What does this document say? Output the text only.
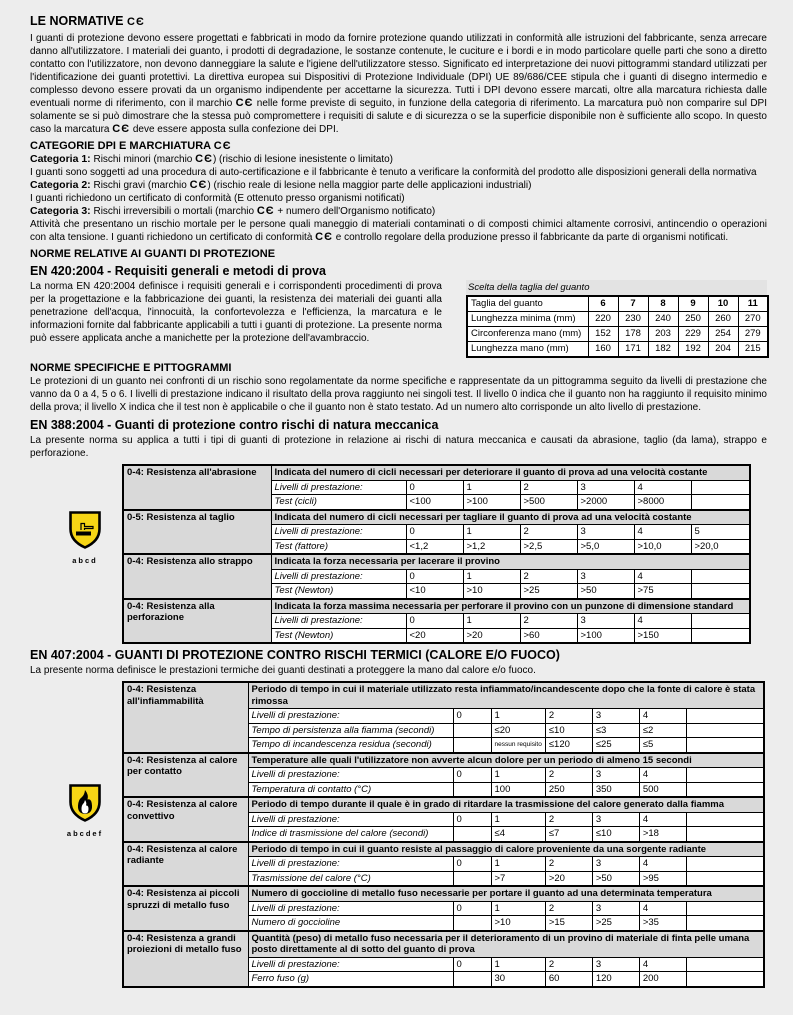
LE NORMATIVE CЄ

I guanti di protezione devono essere progettati e fabbricati in modo da fornire protezione quando utilizzati in conformità alle istruzioni del fabbricante, senza arrecare danno all'utilizzatore. I materiali dei guanto, i prodotti di degradazione, le sostanze contenute, le cuciture e i bordi e in modo particolare quelle parti che sono a diretto contatto con l'utilizzatore, non devono danneggiare la salute e l'igiene dell'utilizzatore stesso. Significato ed interpretazione dei nuovi pittogrammi standard utilizzati per l'identificazione dei guanti protettivi. La direttiva europea sui Dispositivi di Protezione Individuale (DPI) UE 89/686/CEE stipula che i guanti di disegno intermedio e complesso devono essere provati da un organismo indipendente per accettarne la sicurezza. Tutti i DPI devono essere marcati, oltre alla marcatura richiesta dalle eventuali norme di riferimento, con il marchio CЄ nelle forme previste di seguito, in funzione della categoria di riferimento. La marcatura può non comparire sul DPI solamente se si può dimostrare che la stessa può compromettere i requisiti di salute e di sicurezza o se la superficie disponibile non è sufficiente allo scopo. In questo caso la marcatura CЄ deve essere apposta sulla confezione dei DPI.

CATEGORIE DPI E MARCHIATURA CЄ
Categoria 1: Rischi minori (marchio CЄ) (rischio di lesione inesistente o limitato)

I guanti sono soggetti ad una procedura di auto-certificazione e il fabbricante è tenuto a verificare la conformità del prodotto alle disposizioni generali della normativa

Categoria 2: Rischi gravi (marchio CЄ) (rischio reale di lesione nella maggior parte delle applicazioni industriali)

I guanti richiedono un certificato di conformità (E ottenuto presso organismi notificati)

Categoria 3: Rischi irreversibili o mortali (marchio CЄ + numero dell'Organismo notificato)

Attività che presentano un rischio mortale per le persone quali maneggio di materiali contaminati o di composti chimici altamente corrosivi, antincendio o operazioni con alta tensione. I guanti richiedono un certificato di conformità CЄ e controllo regolare della produzione presso il fabbricante da parte di organismi notificati.

NORME RELATIVE AI GUANTI DI PROTEZIONE
EN 420:2004 - Requisiti generali e metodi di prova

La norma EN 420:2004 definisce i requisiti generali e i corrispondenti procedimenti di prova per la progettazione e la fabbricazione dei guanti, la resistenza dei materiali dei guanti alla penetrazione dell'acqua, l'innocuità, la confortevolezza e l'efficienza, la marcatura e le informazioni fornite dal fabbricante applicabili a tutti i guanti di protezione. La presente norma può essere applicata anche a manichette per la protezione dell'avambraccio.

Scelta della taglia del guanto
Taglia del guanto	6	7	8	9	10	11
Lunghezza minima (mm)	220	230	240	250	260	270
Circonferenza mano (mm)	152	178	203	229	254	279
Lunghezza mano (mm)	160	171	182	192	204	215
NORME SPECIFICHE E PITTOGRAMMI

Le protezioni di un guanto nei confronti di un rischio sono regolamentate da norme specifiche e rappresentate da un pittogramma seguito da livelli di prestazione che vanno da 0 a 4, 5 o 6. I livelli di prestazione indicano il risultato della prova raggiunto nei singoli test. Il livello 0 indica che il guanto non ha raggiunto il requisito minimo della prova; il livello X indica che il test non è applicabile o che il guanto non è stato testato. Ad un numero alto corrisponde un alto livello di prestazione.

EN 388:2004 - Guanti di protezione contro rischi di natura meccanica

La presente norma su applica a tutti i tipi di guanti di protezione in relazione ai rischi di natura meccanica e causati da abrasione, taglio (da lama), strappo e perforazione.

abcd
0-4: Resistenza all'abrasione	Indicata del numero di cicli necessari per deteriorare il guanto di prova ad una velocità costante						
	Livelli di prestazione:	0	1	2	3	4	
	Test (cicli)	<100	>100	>500	>2000	>8000	
0-5: Resistenza al taglio	Indicata del numero di cicli necessari per tagliare il guanto di prova ad una velocità costante						
	Livelli di prestazione:	0	1	2	3	4	5
	Test (fattore)	<1,2	>1,2	>2,5	>5,0	>10,0	>20,0
0-4: Resistenza allo strappo	Indicata la forza necessaria per lacerare il provino						
	Livelli di prestazione:	0	1	2	3	4	
	Test (Newton)	<10	>10	>25	>50	>75	
0-4: Resistenza alla perforazione	Indicata la forza massima necessaria per perforare il provino con un punzone di dimensione standard						
	Livelli di prestazione:	0	1	2	3	4	
	Test (Newton)	<20	>20	>60	>100	>150	
EN 407:2004 - GUANTI DI PROTEZIONE CONTRO RISCHI TERMICI (CALORE E/O FUOCO)

La presente norma definisce le prestazioni termiche dei guanti destinati a proteggere la mano dal calore e/o fuoco.

abcdef
0-4: Resistenza all'infiammabilità	Periodo di tempo in cui il materiale utilizzato resta infiammato/incandescente dopo che la fonte di calore è stata rimossa						
	Livelli di prestazione:	0	1	2	3	4	
	Tempo di persistenza alla fiamma (secondi)		≤20	≤10	≤3	≤2	
	Tempo di incandescenza residua (secondi)		nessun requisito	≤120	≤25	≤5	
0-4: Resistenza al calore per contatto	Temperature alle quali l'utilizzatore non avverte alcun dolore per un periodo di almeno 15 secondi						
	Livelli di prestazione:	0	1	2	3	4	
	Temperatura di contatto (°C)		100	250	350	500	
0-4: Resistenza al calore convettivo	Periodo di tempo durante il quale è in grado di ritardare la trasmissione del calore generato dalla fiamma						
	Livelli di prestazione:	0	1	2	3	4	
	Indice di trasmissione del calore (secondi)		≤4	≤7	≤10	>18	
0-4: Resistenza al calore radiante	Periodo di tempo in cui il guanto resiste al passaggio di calore proveniente da una sorgente radiante						
	Livelli di prestazione:	0	1	2	3	4	
	Trasmissione del calore (°C)		>7	>20	>50	>95	
0-4: Resistenza ai piccoli spruzzi di metallo fuso	Numero di goccioline di metallo fuso necessarie per portare il guanto ad una determinata temperatura						
	Livelli di prestazione:	0	1	2	3	4	
	Numero di goccioline		>10	>15	>25	>35	
0-4: Resistenza a grandi proiezioni di metallo fuso	Quantità (peso) di metallo fuso necessaria per il deterioramento di un provino di materiale di finta pelle umana posto direttamente al di sotto del guanto di prova						
	Livelli di prestazione:	0	1	2	3	4	
	Ferro fuso (g)		30	60	120	200	
